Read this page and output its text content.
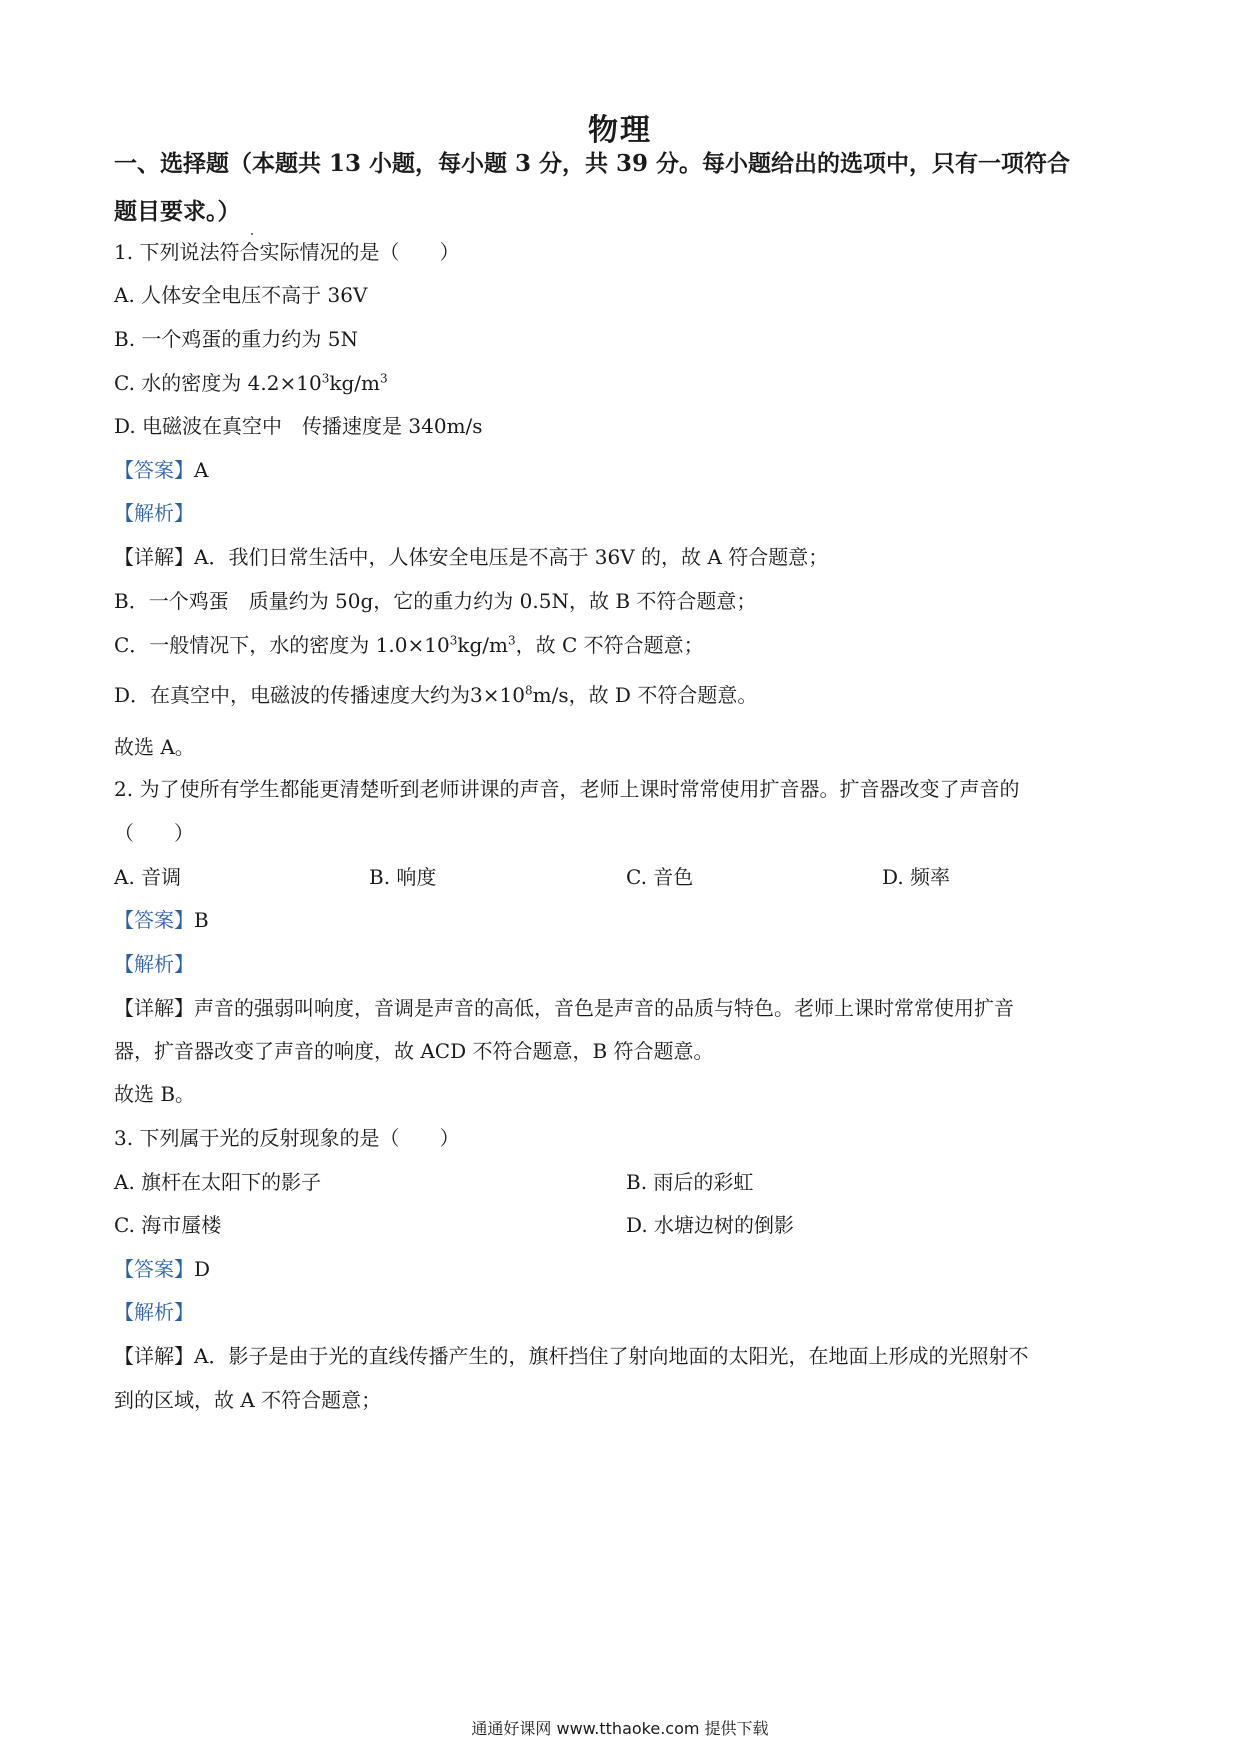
物理
一、选择题（本题共 13 小题，每小题 3 分，共 39 分。每小题给出的选项中，只有一项符合
题目要求。）
1. 下列说法符合实际情况的是（　　）
A. 人体安全电压不高于 36V
B. 一个鸡蛋的重力约为 5N
C. 水的密度为 $4.2\times 10^3kg/m^3$
D. 电磁波在真空中　传播速度是 340m/s
【答案】A
【解析】
【详解】A．我们日常生活中，人体安全电压是不高于 36V 的，故 A 符合题意；
B．一个鸡蛋　质量约为 50g，它的重力约为 0.5N，故 B 不符合题意；
C．一般情况下，水的密度为 $1.0\times 10^3kg/m^3$，故 C 不符合题意；
D．在真空中，电磁波的传播速度大约为$3\times 10^8m/s$，故 D 不符合题意。
故选 A。
2. 为了使所有学生都能更清楚听到老师讲课的声音，老师上课时常常使用扩音器。扩音器改变了声音的
（　　）
A. 音调	B. 响度	C. 音色	D. 频率
【答案】B
【解析】
【详解】声音的强弱叫响度，音调是声音的高低，音色是声音的品质与特色。老师上课时常常使用扩音
器，扩音器改变了声音的响度，故 ACD 不符合题意，B 符合题意。
故选 B。
3. 下列属于光的反射现象的是（　　）
A. 旗杆在太阳下的影子	B. 雨后的彩虹
C. 海市蜃楼	D. 水塘边树的倒影
【答案】D
【解析】
【详解】A．影子是由于光的直线传播产生的，旗杆挡住了射向地面的太阳光，在地面上形成的光照射不
到的区域，故 A 不符合题意；
通通好课网 www.tthaoke.com 提供下载
